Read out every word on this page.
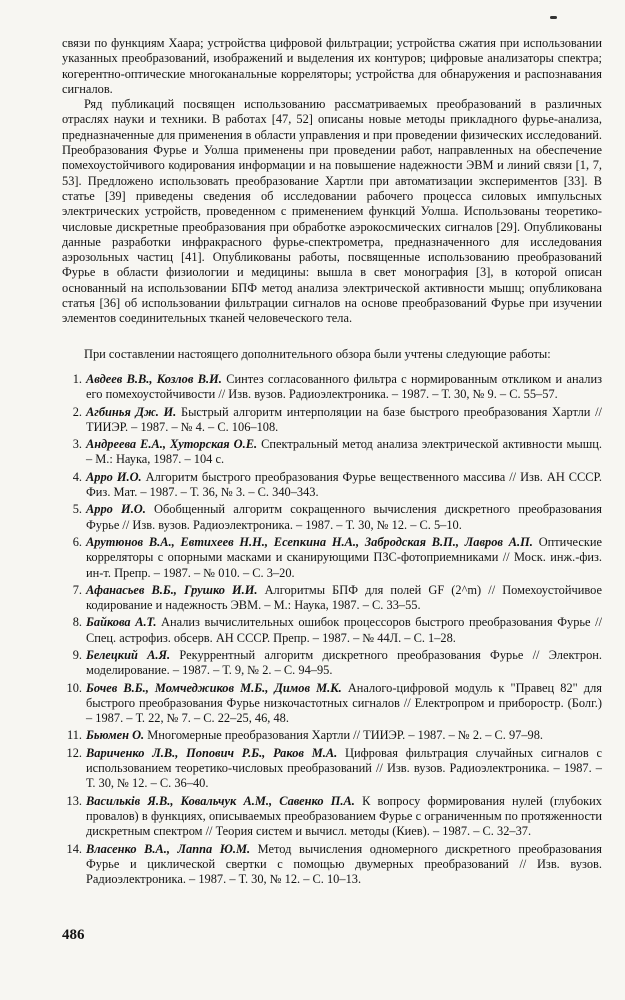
связи по функциям Хаара; устройства цифровой фильтрации; устройства сжатия при использовании указанных преобразований, изображений и выделения их контуров; цифровые анализаторы спектра; когерентно-оптические многоканальные корреляторы; устройства для обнаружения и распознавания сигналов.

Ряд публикаций посвящен использованию рассматриваемых преобразований в различных отраслях науки и техники. В работах [47, 52] описаны новые методы прикладного фурье-анализа, предназначенные для применения в области управления и при проведении физических исследований. Преобразования Фурье и Уолша применены при проведении работ, направленных на обеспечение помехоустойчивого кодирования информации и на повышение надежности ЭВМ и линий связи [1, 7, 53]. Предложено использовать преобразование Хартли при автоматизации экспериментов [33]. В статье [39] приведены сведения об исследовании рабочего процесса силовых импульсных электрических устройств, проведенном с применением функций Уолша. Использованы теоретико-числовые дискретные преобразования при обработке аэрокосмических сигналов [29]. Опубликованы данные разработки инфракрасного фурье-спектрометра, предназначенного для исследования аэрозольных частиц [41]. Опубликованы работы, посвященные использованию преобразований Фурье в области физиологии и медицины: вышла в свет монография [3], в которой описан основанный на использовании БПФ метод анализа электрической активности мышц; опубликована статья [36] об использовании фильтрации сигналов на основе преобразований Фурье при изучении элементов соединительных тканей человеческого тела.

При составлении настоящего дополнительного обзора были учтены следующие работы:

1. Авдеев В.В., Козлов В.И. Синтез согласованного фильтра с нормированным откликом и анализ его помехоустойчивости // Изв. вузов. Радиоэлектроника. – 1987. – Т. 30, № 9. – С. 55–57.
2. Агбинья Дж. И. Быстрый алгоритм интерполяции на базе быстрого преобразования Хартли // ТИИЭР. – 1987. – № 4. – С. 106–108.
3. Андреева Е.А., Хуторская О.Е. Спектральный метод анализа электрической активности мышц. – М.: Наука, 1987. – 104 с.
4. Арро И.О. Алгоритм быстрого преобразования Фурье вещественного массива // Изв. АН СССР. Физ. Мат. – 1987. – Т. 36, № 3. – С. 340–343.
5. Арро И.О. Обобщенный алгоритм сокращенного вычисления дискретного преобразования Фурье // Изв. вузов. Радиоэлектроника. – 1987. – Т. 30, № 12. – С. 5–10.
6. Арутюнов В.А., Евтихеев Н.Н., Есепкина Н.А., Забродская В.П., Лавров А.П. Оптические корреляторы с опорными масками и сканирующими ПЗС-фотоприемниками // Моск. инж.-физ. ин-т. Препр. – 1987. – № 010. – С. 3–20.
7. Афанасьев В.Б., Грушко И.И. Алгоритмы БПФ для полей GF (2^m) // Помехоустойчивое кодирование и надежность ЭВМ. – М.: Наука, 1987. – С. 33–55.
8. Байкова А.Т. Анализ вычислительных ошибок процессоров быстрого преобразования Фурье // Спец. астрофиз. обсерв. АН СССР. Препр. – 1987. – № 44Л. – С. 1–28.
9. Белецкий А.Я. Рекуррентный алгоритм дискретного преобразования Фурье // Электрон. моделирование. – 1987. – Т. 9, № 2. – С. 94–95.
10. Бочев В.Б., Момчеджиков М.Б., Димов М.К. Аналого-цифровой модуль к "Правец 82" для быстрого преобразования Фурье низкочастотных сигналов // Електропром и приборостр. (Болг.) – 1987. – Т. 22, № 7. – С. 22–25, 46, 48.
11. Бьюмен О. Многомерные преобразования Хартли // ТИИЭР. – 1987. – № 2. – С. 97–98.
12. Вариченко Л.В., Попович Р.Б., Раков М.А. Цифровая фильтрация случайных сигналов с использованием теоретико-числовых преобразований // Изв. вузов. Радиоэлектроника. – 1987. – Т. 30, № 12. – С. 36–40.
13. Васильків Я.В., Ковальчук А.М., Савенко П.А. К вопросу формирования нулей (глубоких провалов) в функциях, описываемых преобразованием Фурье с ограниченным по протяженности дискретным спектром // Теория систем и вычисл. методы (Киев). – 1987. – С. 32–37.
14. Власенко В.А., Лаппа Ю.М. Метод вычисления одномерного дискретного преобразования Фурье и циклической свертки с помощью двумерных преобразований // Изв. вузов. Радиоэлектроника. – 1987. – Т. 30, № 12. – С. 10–13.
486
